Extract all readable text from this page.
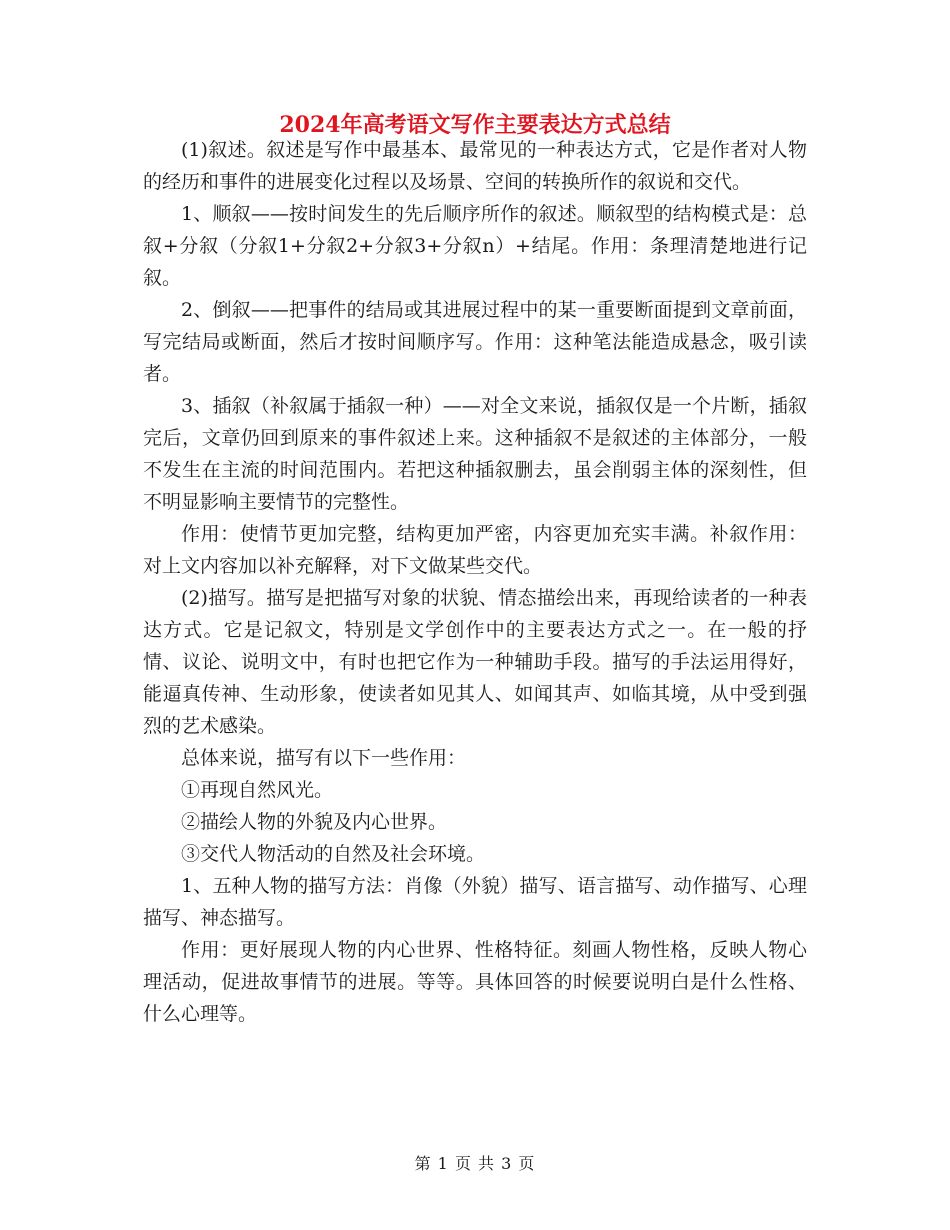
2024年高考语文写作主要表达方式总结

(1)叙述。叙述是写作中最基本、最常见的一种表达方式，它是作者对人物的经历和事件的进展变化过程以及场景、空间的转换所作的叙说和交代。

1、顺叙——按时间发生的先后顺序所作的叙述。顺叙型的结构模式是：总叙+分叙（分叙1+分叙2+分叙3+分叙n）+结尾。作用：条理清楚地进行记叙。

2、倒叙——把事件的结局或其进展过程中的某一重要断面提到文章前面，写完结局或断面，然后才按时间顺序写。作用：这种笔法能造成悬念，吸引读者。

3、插叙（补叙属于插叙一种）——对全文来说，插叙仅是一个片断，插叙完后，文章仍回到原来的事件叙述上来。这种插叙不是叙述的主体部分，一般不发生在主流的时间范围内。若把这种插叙删去，虽会削弱主体的深刻性，但不明显影响主要情节的完整性。

作用：使情节更加完整，结构更加严密，内容更加充实丰满。补叙作用：对上文内容加以补充解释，对下文做某些交代。

(2)描写。描写是把描写对象的状貌、情态描绘出来，再现给读者的一种表达方式。它是记叙文，特别是文学创作中的主要表达方式之一。在一般的抒情、议论、说明文中，有时也把它作为一种辅助手段。描写的手法运用得好，能逼真传神、生动形象，使读者如见其人、如闻其声、如临其境，从中受到强烈的艺术感染。

总体来说，描写有以下一些作用：

①再现自然风光。

②描绘人物的外貌及内心世界。

③交代人物活动的自然及社会环境。

1、五种人物的描写方法：肖像（外貌）描写、语言描写、动作描写、心理描写、神态描写。

作用：更好展现人物的内心世界、性格特征。刻画人物性格，反映人物心理活动，促进故事情节的进展。等等。具体回答的时候要说明白是什么性格、什么心理等。

第 1 页 共 3 页
